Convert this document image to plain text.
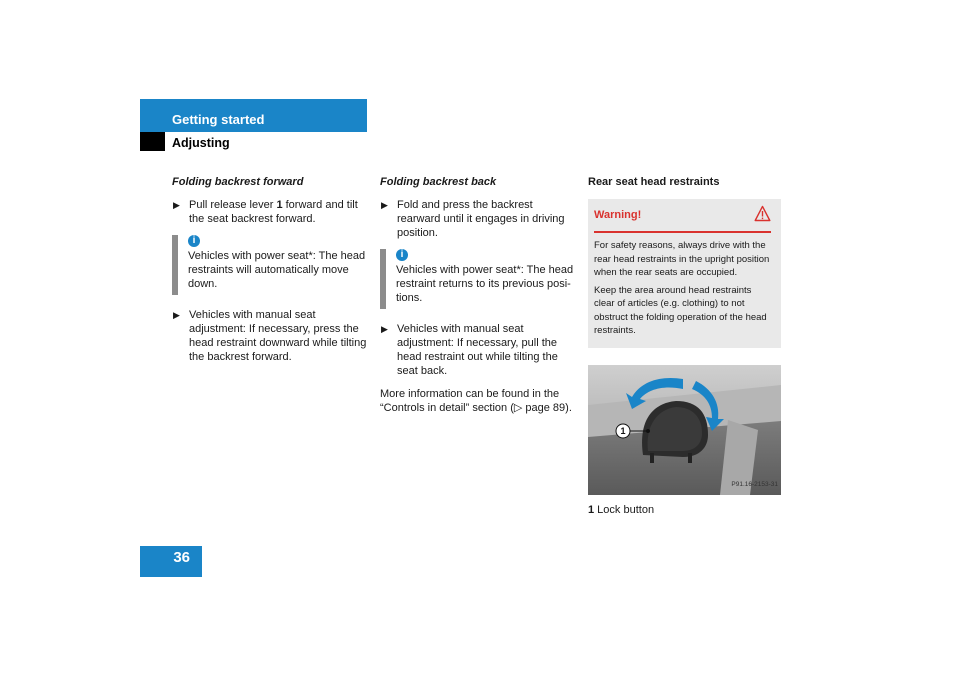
Getting started
Adjusting
Folding backrest forward
▶ Pull release lever 1 forward and tilt the seat backrest forward.
i
Vehicles with power seat*: The head restraints will automatically move down.
▶ Vehicles with manual seat adjustment: If necessary, press the head restraint downward while tilting the backrest forward.
Folding backrest back
▶ Fold and press the backrest rearward until it engages in driving position.
i
Vehicles with power seat*: The head restraint returns to its previous posi-tions.
▶ Vehicles with manual seat adjustment: If necessary, pull the head restraint out while tilting the seat back.
More information can be found in the “Controls in detail” section (▷ page 89).
Rear seat head restraints
Warning!

For safety reasons, always drive with the rear head restraints in the upright position when the rear seats are occupied.

Keep the area around head restraints clear of articles (e.g. clothing) to not obstruct the folding operation of the head restraints.

1
P91.16-2153-31
1 Lock button
36
